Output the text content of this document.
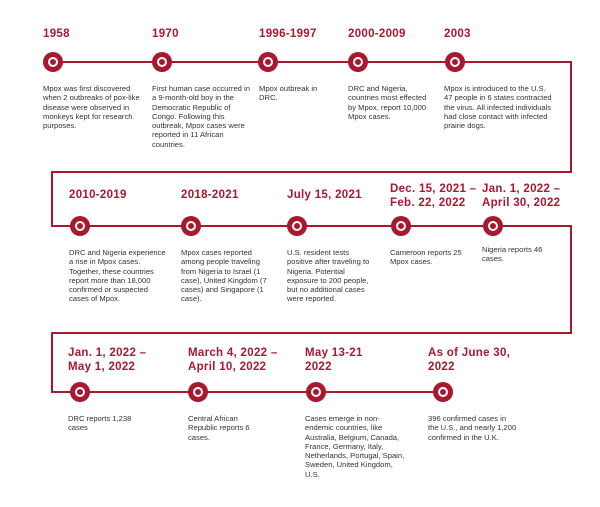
1958
Mpox was first discovered when 2 outbreaks of pox-like disease were observed in monkeys kept for research purposes.
1970
First human case occurred in a 9-month-old boy in the Democratic Republic of Congo. Following this outbreak, Mpox cases were reported in 11 African countries.
1996-1997
Mpox outbreak in DRC.
2000-2009
DRC and Nigeria, countries most effected by Mpox, report 10,000 Mpox cases.
2003
Mpox is introduced to the U.S. 47 people in 6 states contracted the virus. All infected individuals had close contact with infected prairie dogs.
2010-2019
DRC and Nigeria experience a rise in Mpox cases. Together, these countries report more than 18,000 confirmed or suspected cases of Mpox.
2018-2021
Mpox cases reported among people traveling from Nigeria to Israel (1 case), United Kingdom (7 cases) and Singapore (1 case).
July 15, 2021
U.S. resident tests positive after traveling to Nigeria. Potential exposure to 200 people, but no additional cases were reported.
Dec. 15, 2021 –
Feb. 22, 2022
Cameroon reports 25 Mpox cases.
Jan. 1, 2022 –
April 30, 2022
Nigeria reports 46 cases.
Jan. 1, 2022 –
May 1, 2022
DRC reports 1,238 cases
March 4, 2022 –
April 10, 2022
Central African Republic reports 6 cases.
May 13-21
2022
Cases emerge in non-endemic countries, like Australia, Belgium, Canada, France, Germany, Italy, Netherlands, Portugal, Spain, Sweden, United Kingdom, U.S.
As of June 30,
2022
396 confirmed cases in the U.S., and nearly 1,200 confirmed in the U.K.
